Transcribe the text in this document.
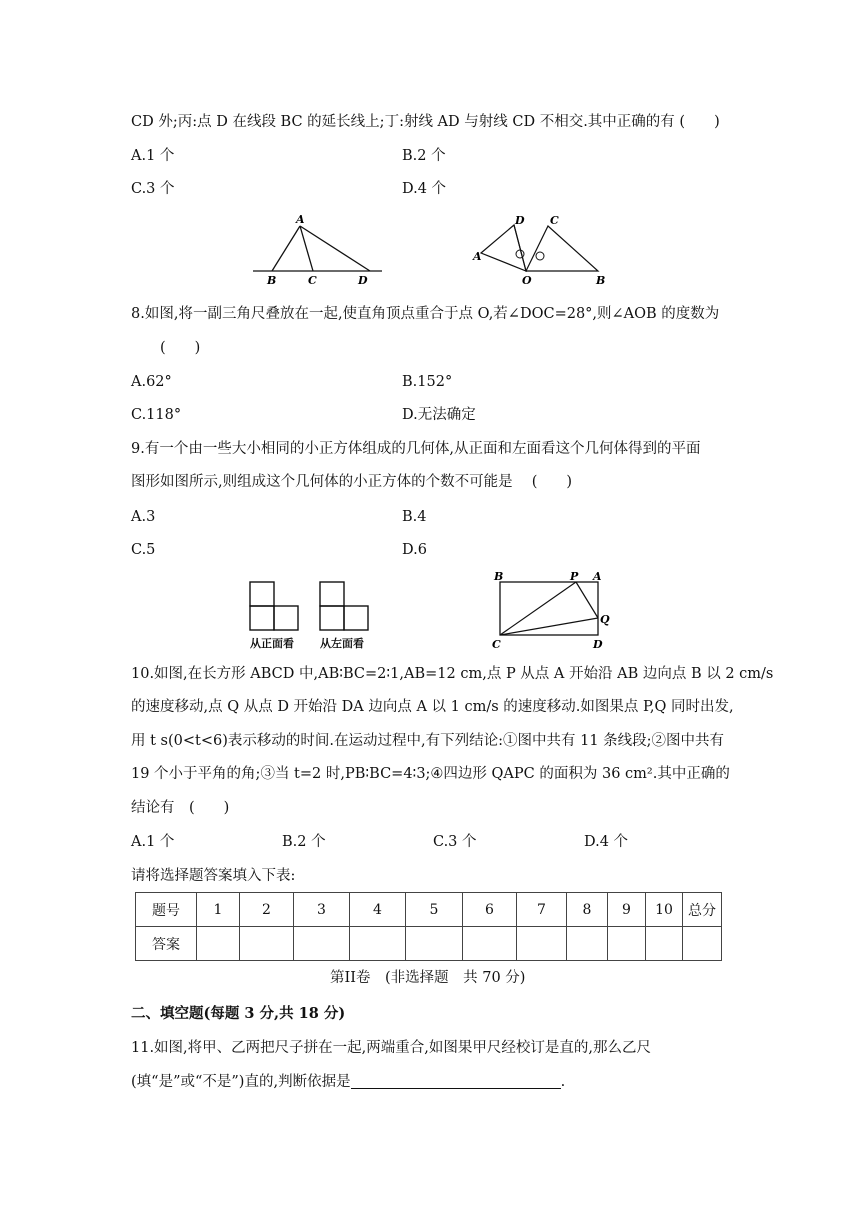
CD 外;丙:点 D 在线段 BC 的延长线上;丁:射线 AD 与射线 CD 不相交.其中正确的有 (　　)
A.1 个	B.2 个
C.3 个	D.4 个
A
B	C	D
D C
A
O	B
8.如图,将一副三角尺叠放在一起,使直角顶点重合于点 O,若∠DOC=28°,则∠AOB 的度数为
(　　)
A.62°	B.152°
C.118°	D.无法确定
9.有一个由一些大小相同的小正方体组成的几何体,从正面和左面看这个几何体得到的平面
图形如图所示,则组成这个几何体的小正方体的个数不可能是　 (　　)
A.3	B.4
C.5	D.6
从正面看 从左面看
B	P A
Q
C	D
10.如图,在长方形 ABCD 中,AB∶BC=2∶1,AB=12 cm,点 P 从点 A 开始沿 AB 边向点 B 以 2 cm/s
的速度移动,点 Q 从点 D 开始沿 DA 边向点 A 以 1 cm/s 的速度移动.如图果点 P,Q 同时出发,
用 t s(0<t<6)表示移动的时间.在运动过程中,有下列结论:①图中共有 11 条线段;②图中共有
19 个小于平角的角;③当 t=2 时,PB∶BC=4∶3;④四边形 QAPC 的面积为 36 cm².其中正确的
结论有　(　　)
A.1 个	B.2 个	C.3 个	D.4 个
请将选择题答案填入下表:
题号	1	2	3	4	5	6	7	8	9	10	总分
答案											
第II卷　(非选择题　共 70 分)
二、填空题(每题 3 分,共 18 分)
11.如图,将甲、乙两把尺子拼在一起,两端重合,如图果甲尺经校订是直的,那么乙尺
(填“是”或“不是”)直的,判断依据是	.
